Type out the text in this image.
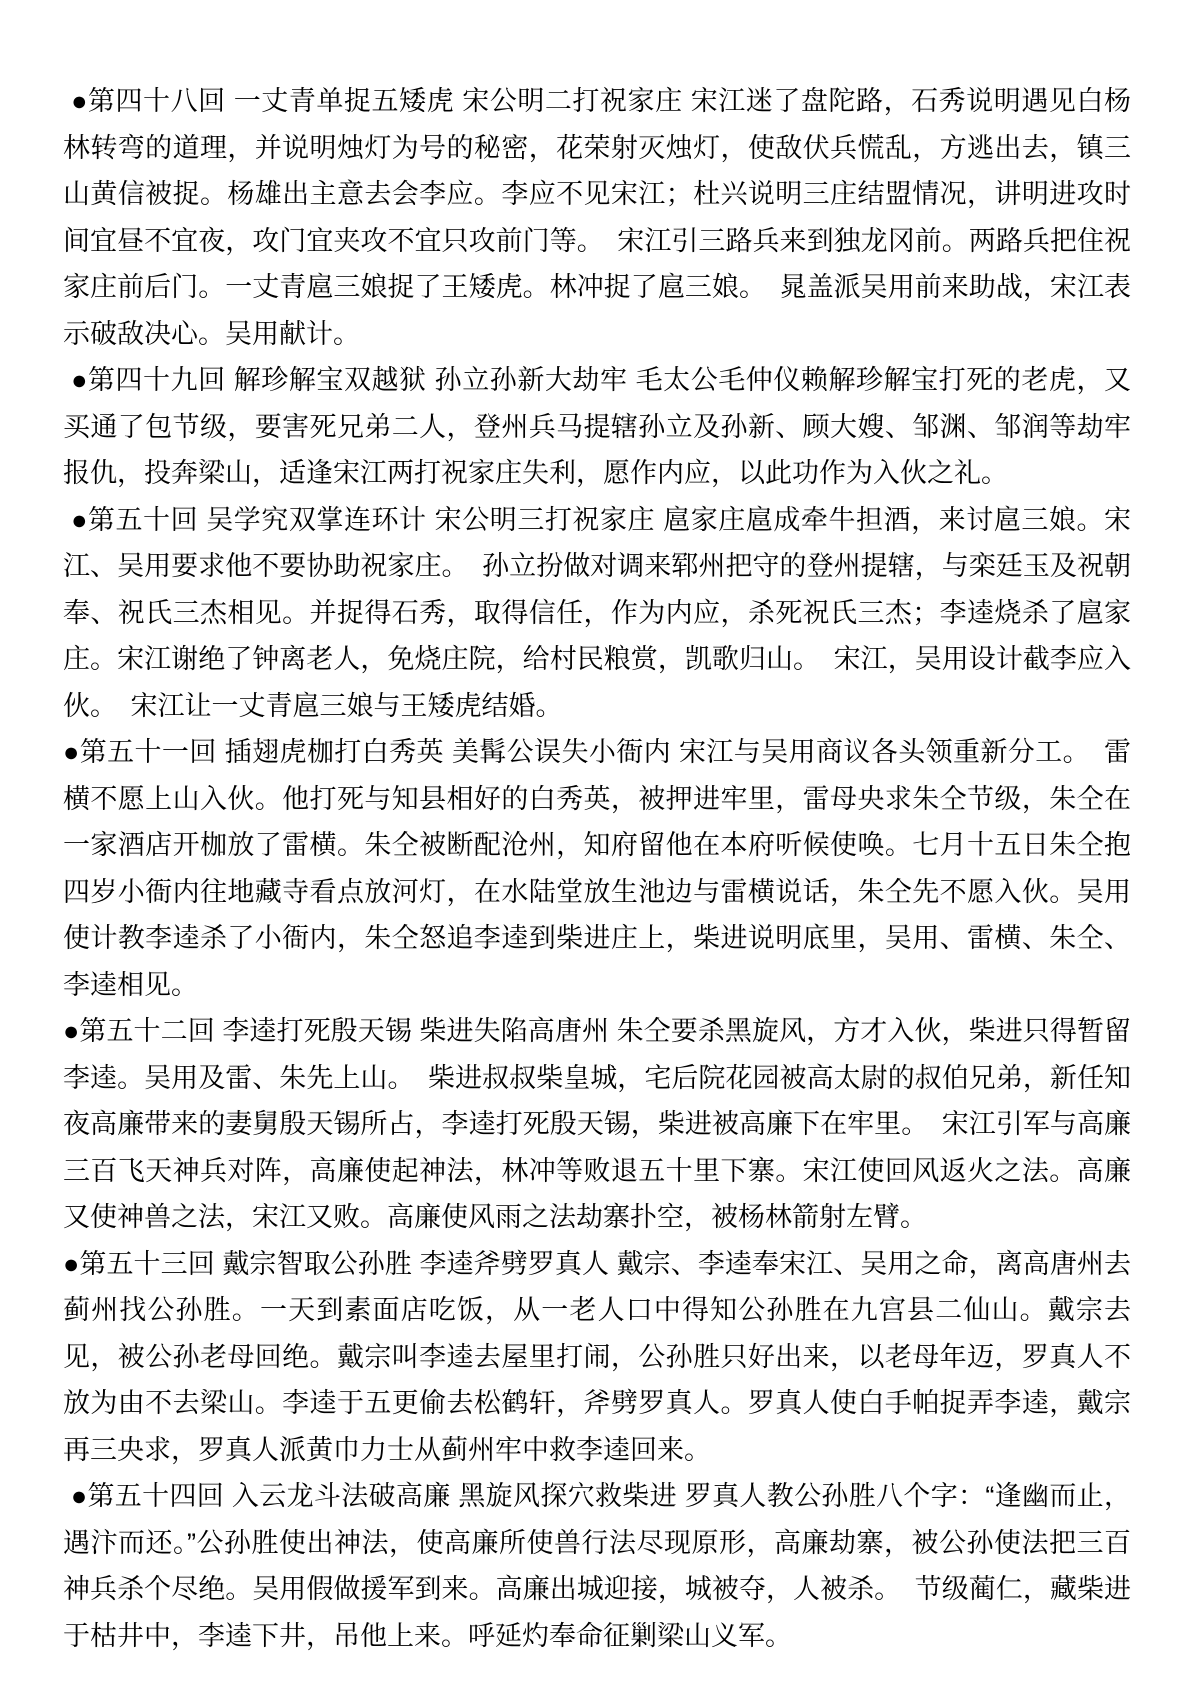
●第四十八回 一丈青单捉五矮虎 宋公明二打祝家庄 宋江迷了盘陀路，石秀说明遇见白杨林转弯的道理，并说明烛灯为号的秘密，花荣射灭烛灯，使敌伏兵慌乱，方逃出去，镇三山黄信被捉。杨雄出主意去会李应。李应不见宋江；杜兴说明三庄结盟情况，讲明进攻时间宜昼不宜夜，攻门宜夹攻不宜只攻前门等。　宋江引三路兵来到独龙冈前。两路兵把住祝家庄前后门。一丈青扈三娘捉了王矮虎。林冲捉了扈三娘。　晁盖派吴用前来助战，宋江表示破敌决心。吴用献计。

●第四十九回 解珍解宝双越狱 孙立孙新大劫牢 毛太公毛仲仪赖解珍解宝打死的老虎，又买通了包节级，要害死兄弟二人，登州兵马提辖孙立及孙新、顾大嫂、邹渊、邹润等劫牢报仇，投奔梁山，适逢宋江两打祝家庄失利，愿作内应，以此功作为入伙之礼。

●第五十回 吴学究双掌连环计 宋公明三打祝家庄 扈家庄扈成牵牛担酒，来讨扈三娘。宋江、吴用要求他不要协助祝家庄。　孙立扮做对调来郓州把守的登州提辖，与栾廷玉及祝朝奉、祝氏三杰相见。并捉得石秀，取得信任，作为内应，杀死祝氏三杰；李逵烧杀了扈家庄。宋江谢绝了钟离老人，免烧庄院，给村民粮赏，凯歌归山。　宋江，吴用设计截李应入伙。　宋江让一丈青扈三娘与王矮虎结婚。

●第五十一回 插翅虎枷打白秀英 美髯公误失小衙内 宋江与吴用商议各头领重新分工。　雷横不愿上山入伙。他打死与知县相好的白秀英，被押进牢里，雷母央求朱仝节级，朱仝在一家酒店开枷放了雷横。朱仝被断配沧州，知府留他在本府听候使唤。七月十五日朱仝抱四岁小衙内往地藏寺看点放河灯，在水陆堂放生池边与雷横说话，朱仝先不愿入伙。吴用使计教李逵杀了小衙内，朱仝怒追李逵到柴进庄上，柴进说明底里，吴用、雷横、朱仝、李逵相见。

●第五十二回 李逵打死殷天锡 柴进失陷高唐州 朱仝要杀黑旋风，方才入伙，柴进只得暂留李逵。吴用及雷、朱先上山。　柴进叔叔柴皇城，宅后院花园被高太尉的叔伯兄弟，新任知夜高廉带来的妻舅殷天锡所占，李逵打死殷天锡，柴进被高廉下在牢里。　宋江引军与高廉三百飞天神兵对阵，高廉使起神法，林冲等败退五十里下寨。宋江使回风返火之法。高廉又使神兽之法，宋江又败。高廉使风雨之法劫寨扑空，被杨林箭射左臂。

●第五十三回 戴宗智取公孙胜 李逵斧劈罗真人 戴宗、李逵奉宋江、吴用之命，离高唐州去蓟州找公孙胜。一天到素面店吃饭，从一老人口中得知公孙胜在九宫县二仙山。戴宗去见，被公孙老母回绝。戴宗叫李逵去屋里打闹，公孙胜只好出来，以老母年迈，罗真人不放为由不去梁山。李逵于五更偷去松鹤轩，斧劈罗真人。罗真人使白手帕捉弄李逵，戴宗再三央求，罗真人派黄巾力士从蓟州牢中救李逵回来。

●第五十四回 入云龙斗法破高廉 黑旋风探穴救柴进 罗真人教公孙胜八个字：“逢幽而止，遇汴而还。”公孙胜使出神法，使高廉所使兽行法尽现原形，高廉劫寨，被公孙使法把三百神兵杀个尽绝。吴用假做援军到来。高廉出城迎接，城被夺，人被杀。　节级蔺仁，藏柴进于枯井中，李逵下井，吊他上来。呼延灼奉命征剿梁山义军。
